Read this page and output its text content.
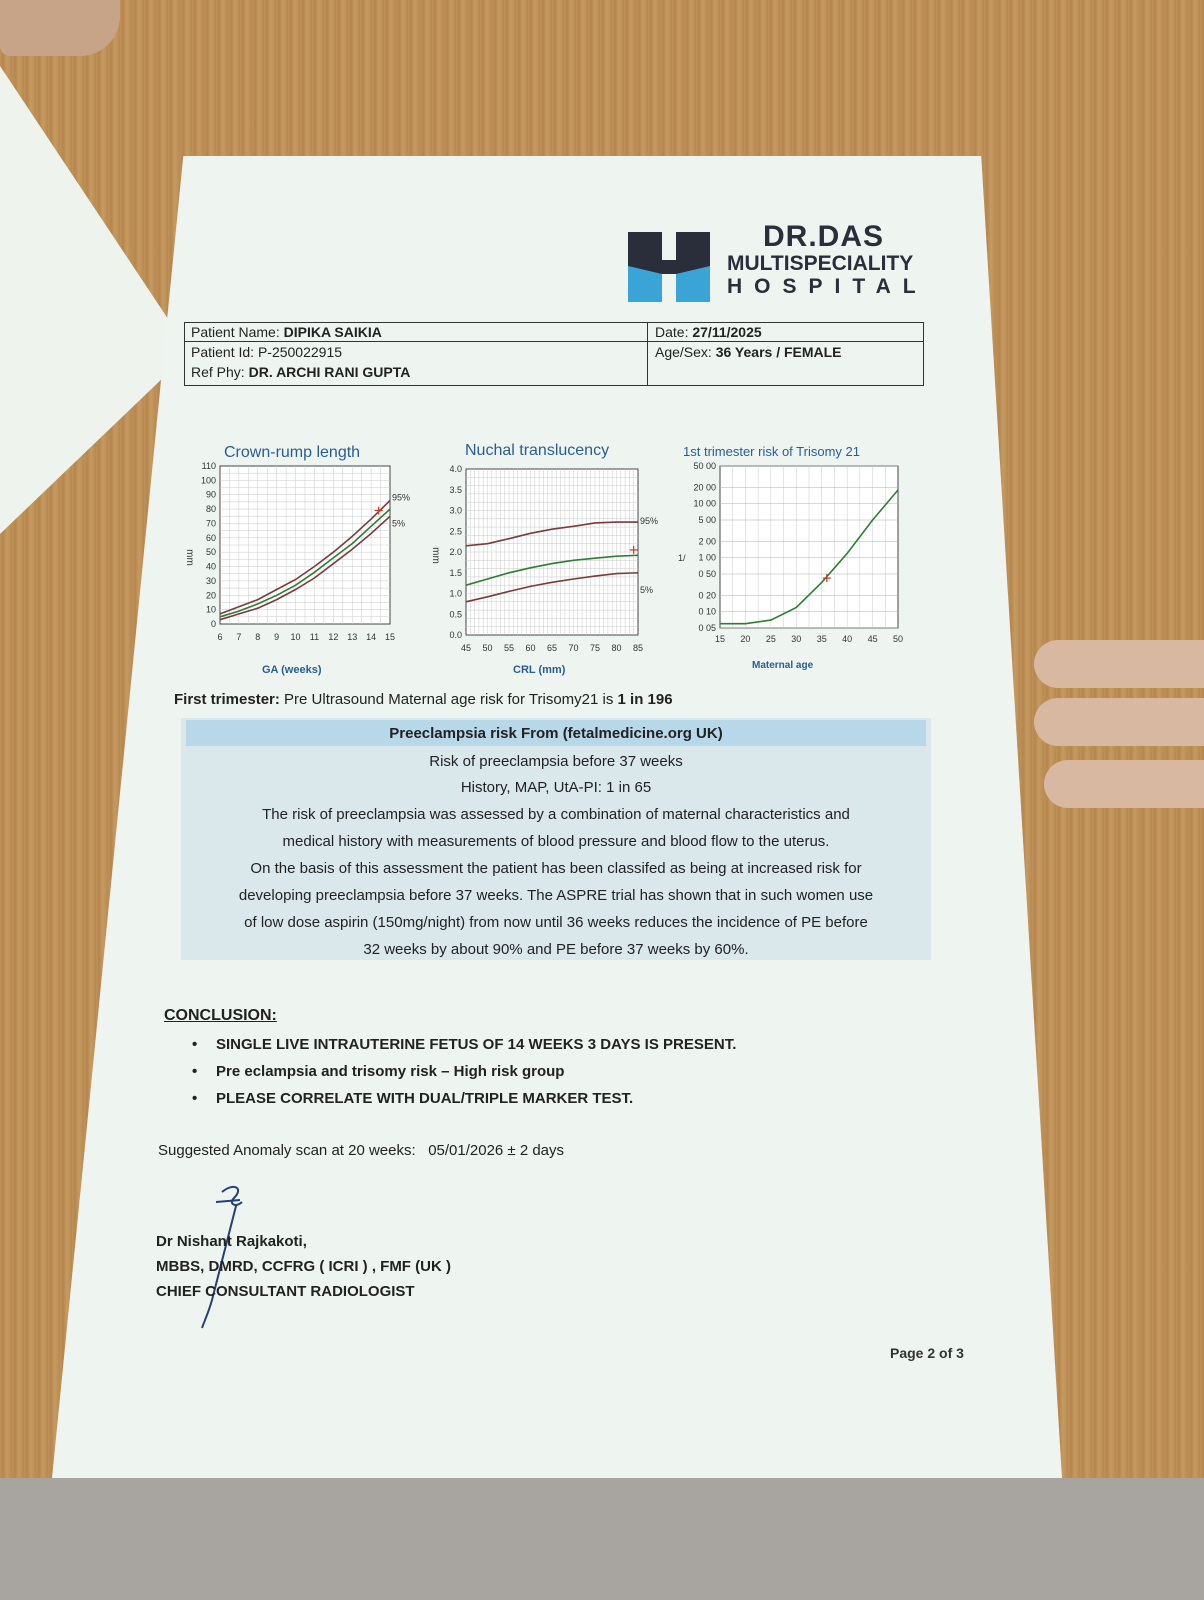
DR.DAS
MULTISPECIALITY
HOSPITAL
Patient Name: DIPIKA SAIKIA
Patient Id: P-250022915
Ref Phy: DR. ARCHI RANI GUPTA
Date: 27/11/2025
Age/Sex: 36 Years / FEMALE
Crown-rump length	Nuchal translucency	1st trimester risk of Trisomy 21
GA (weeks)	CRL (mm)	Maternal age
mm	mm	1/
6 7 8 9 10 11 12 13 14 15
0
10
20
30
40
50
60
70
80
90
100
110
95%
5%
45 50 55 60 65 70 75 80 85
0.0
0.5
1.0
1.5
2.0
2.5
3.0
3.5
4.0
95%
5%
0 05
0 10
0 20
0 50
1 00
2 00
5 00
10 00
20 00
50 00
15 20 25 30 35 40 45 50
First trimester: Pre Ultrasound Maternal age risk for Trisomy21 is 1 in 196
Preeclampsia risk From (fetalmedicine.org UK)
Risk of preeclampsia before 37 weeks
History, MAP, UtA-PI: 1 in 65
The risk of preeclampsia was assessed by a combination of maternal characteristics and
medical history with measurements of blood pressure and blood flow to the uterus.
On the basis of this assessment the patient has been classifed as being at increased risk for
developing preeclampsia before 37 weeks. The ASPRE trial has shown that in such women use
of low dose aspirin (150mg/night) from now until 36 weeks reduces the incidence of PE before
32 weeks by about 90% and PE before 37 weeks by 60%.
CONCLUSION:
• SINGLE LIVE INTRAUTERINE FETUS OF 14 WEEKS 3 DAYS IS PRESENT.
• Pre eclampsia and trisomy risk – High risk group
• PLEASE CORRELATE WITH DUAL/TRIPLE MARKER TEST.
Suggested Anomaly scan at 20 weeks: 05/01/2026 ± 2 days
Dr Nishant Rajkakoti,
MBBS, DMRD, CCFRG ( ICRI ) , FMF (UK )
CHIEF CONSULTANT RADIOLOGIST
Page 2 of 3
